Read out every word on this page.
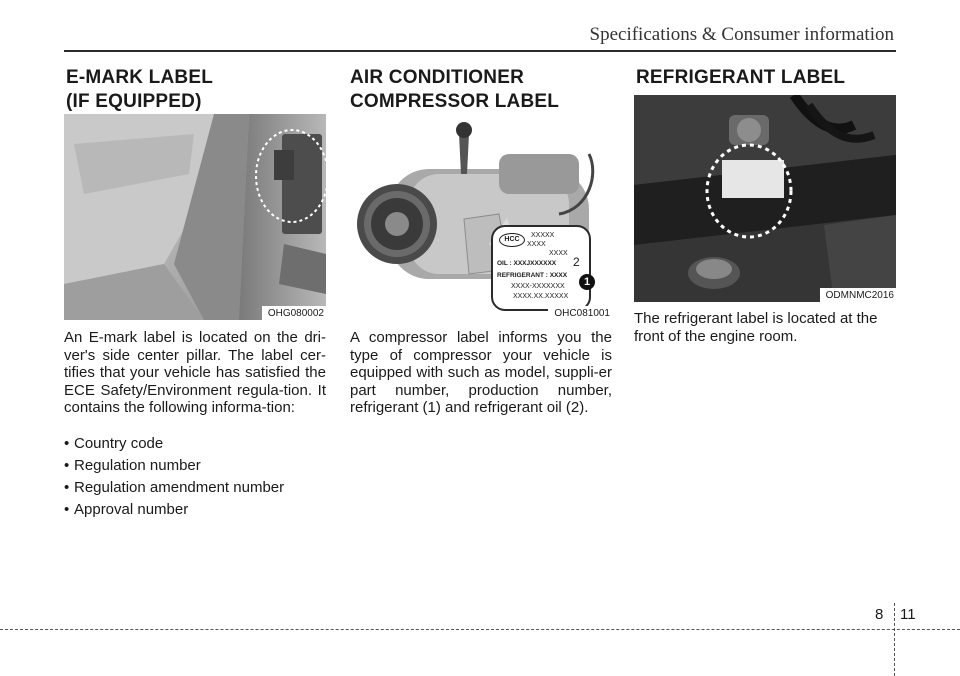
Specifications & Consumer information
E-MARK LABEL
(IF EQUIPPED)
OHG080002
An E-mark label is located on the dri-ver's side center pillar. The label cer-tifies that your vehicle has satisfied the ECE Safety/Environment regula-tion. It contains the following informa-tion:
• Country code
• Regulation number
• Regulation amendment number
• Approval number
AIR CONDITIONER
COMPRESSOR LABEL
HCC
XXXXX
XXXX
XXXX
OIL : XXXJXXXXXX 2
REFRIGERANT : XXXX
XXXX-XXXXXXX
XXXX.XX.XXXXX
1
OHC081001
A compressor label informs you the type of compressor your vehicle is equipped with such as model, suppli-er part number, production number, refrigerant (1) and refrigerant oil (2).
REFRIGERANT LABEL
ODMNMC2016
The refrigerant label is located at the front of the engine room.
8 11
